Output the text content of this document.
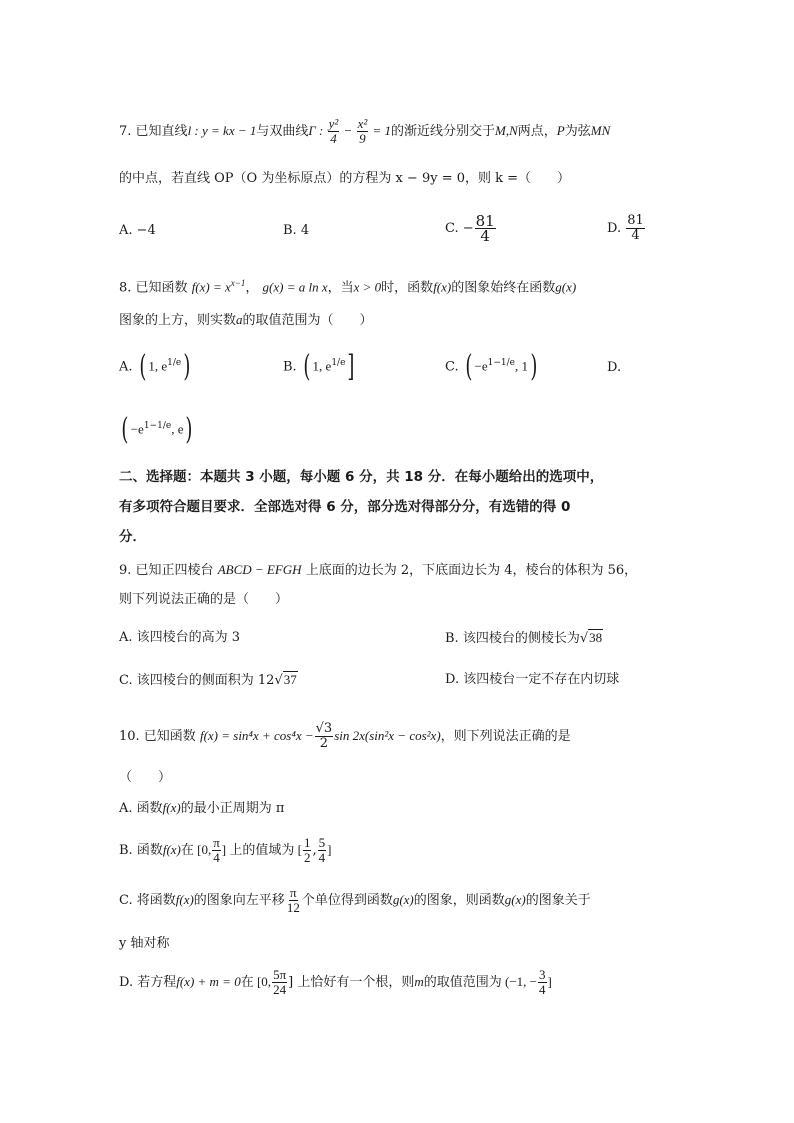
7. 已知直线l : y = kx − 1与双曲线Γ : $\frac{\text{y²}}{4} - \frac{\text{x²}}{9} = 1$的渐近线分别交于M,N两点，P为弦MN
的中点，若直线 OP（O 为坐标原点）的方程为 x − 9y = 0，则 k =（　　）
A. −4	B. 4	C. − $\frac{81}{4}$	D. $\frac{81}{4}$
8. 已知函数 $f(x) = x^{x-1}$， g(x) = a ln x，当x > 0时，函数f(x)的图象始终在函数g(x)
图象的上方，则实数a的取值范围为（　　）
A. ( 1, $e^{1/e}$)	B. ( 1, $e^{1/e}$]	C. ( $-e^{1-1/e}$, 1)	D.
( $-e^{1-1/e}$, e)
二、选择题：本题共 3 小题，每小题 6 分，共 18 分．在每小题给出的选项中，
有多项符合题目要求．全部选对得 6 分，部分选对得部分分，有选错的得 0
分．
9. 已知正四棱台 ABCD − EFGH 上底面的边长为 2，下底面边长为 4，棱台的体积为 56，
则下列说法正确的是（　　）
A. 该四棱台的高为 3	B. 该四棱台的侧棱长为√38
C. 该四棱台的侧面积为 12√37	D. 该四棱台一定不存在内切球
10. 已知函数 $f(x) = \sin^4x + \cos^4x - \frac{√3}{2}$ sin 2x(sin²x − cos²x)，则下列说法正确的是
（　　）
A. 函数f(x)的最小正周期为 π
B. 函数f(x)在 [0, $\frac{\pi}{4}$ ] 上的值域为 [ $\frac{1}{2}$ , $\frac{5}{4}$ ]
C. 将函数f(x)的图象向左平移 $\frac{\pi}{12}$ 个单位得到函数g(x)的图象，则函数g(x)的图象关于
y 轴对称
D. 若方程f(x) + m = 0在 [0, $\frac{5\pi}{24}$ ] 上恰好有一个根，则m的取值范围为 (−1, − $\frac{3}{4}$ ]
